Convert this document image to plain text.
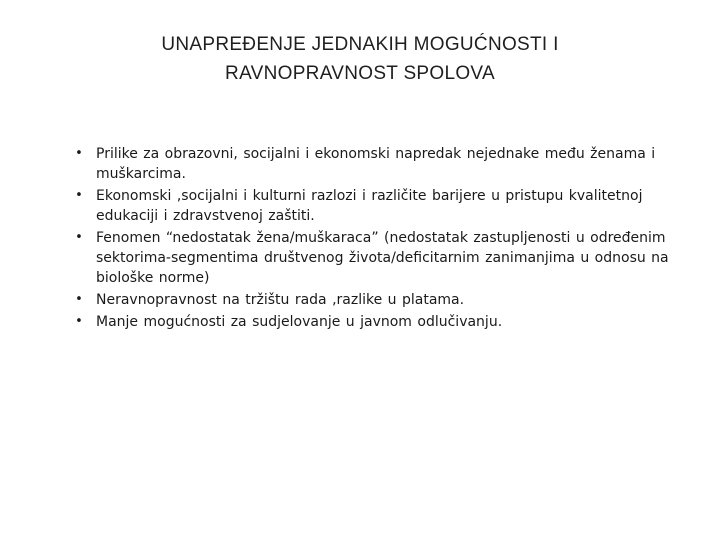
UNAPREĐENJE JEDNAKIH MOGUĆNOSTI I
RAVNOPRAVNOST SPOLOVA
• Prilike za obrazovni, socijalni i ekonomski napredak nejednake među ženama i muškarcima.
• Ekonomski ,socijalni i kulturni razlozi i različite barijere u pristupu kvalitetnoj edukaciji i zdravstvenoj zaštiti.
• Fenomen “nedostatak žena/muškaraca” (nedostatak zastupljenosti u određenim sektorima-segmentima društvenog života/deficitarnim zanimanjima u odnosu na biološke norme)
• Neravnopravnost na tržištu rada ,razlike u platama.
• Manje mogućnosti za sudjelovanje u javnom odlučivanju.
